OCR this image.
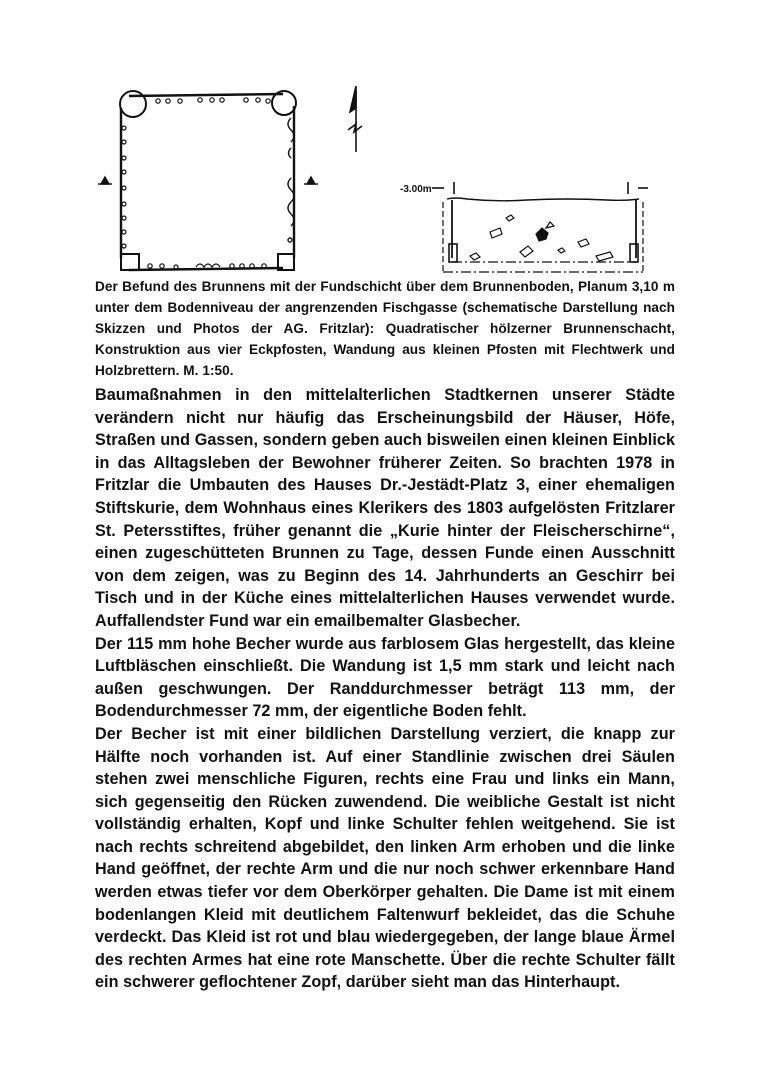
-3.00m
Der Befund des Brunnens mit der Fundschicht über dem Brunnenboden, Planum 3,10 m unter dem Bodenniveau der angrenzenden Fischgasse (schematische Darstellung nach Skizzen und Photos der AG. Fritzlar): Quadratischer hölzerner Brunnenschacht, Konstruktion aus vier Eckpfosten, Wandung aus kleinen Pfosten mit Flechtwerk und Holzbrettern. M. 1:50.

Baumaßnahmen in den mittelalterlichen Stadtkernen unserer Städte verändern nicht nur häufig das Erscheinungsbild der Häuser, Höfe, Straßen und Gassen, sondern geben auch bisweilen einen kleinen Einblick in das Alltagsleben der Bewohner früherer Zeiten. So brachten 1978 in Fritzlar die Umbauten des Hauses Dr.-Jestädt-Platz 3, einer ehemaligen Stiftskurie, dem Wohnhaus eines Klerikers des 1803 aufgelösten Fritzlarer St. Petersstiftes, früher genannt die „Kurie hinter der Fleischerschirne“, einen zugeschütteten Brunnen zu Tage, dessen Funde einen Ausschnitt von dem zeigen, was zu Beginn des 14. Jahrhunderts an Geschirr bei Tisch und in der Küche eines mittelalterlichen Hauses verwendet wurde. Auffallendster Fund war ein emailbemalter Glasbecher.

Der 115 mm hohe Becher wurde aus farblosem Glas hergestellt, das kleine Luftbläschen einschließt. Die Wandung ist 1,5 mm stark und leicht nach außen geschwungen. Der Randdurchmesser beträgt 113 mm, der Bodendurchmesser 72 mm, der eigentliche Boden fehlt.

Der Becher ist mit einer bildlichen Darstellung verziert, die knapp zur Hälfte noch vorhanden ist. Auf einer Standlinie zwischen drei Säulen stehen zwei menschliche Figuren, rechts eine Frau und links ein Mann, sich gegenseitig den Rücken zuwendend. Die weibliche Gestalt ist nicht vollständig erhalten, Kopf und linke Schulter fehlen weitgehend. Sie ist nach rechts schreitend abgebildet, den linken Arm erhoben und die linke Hand geöffnet, der rechte Arm und die nur noch schwer erkennbare Hand werden etwas tiefer vor dem Oberkörper gehalten. Die Dame ist mit einem bodenlangen Kleid mit deutlichem Faltenwurf bekleidet, das die Schuhe verdeckt. Das Kleid ist rot und blau wiedergegeben, der lange blaue Ärmel des rechten Armes hat eine rote Manschette. Über die rechte Schulter fällt ein schwerer geflochtener Zopf, darüber sieht man das Hinterhaupt.
